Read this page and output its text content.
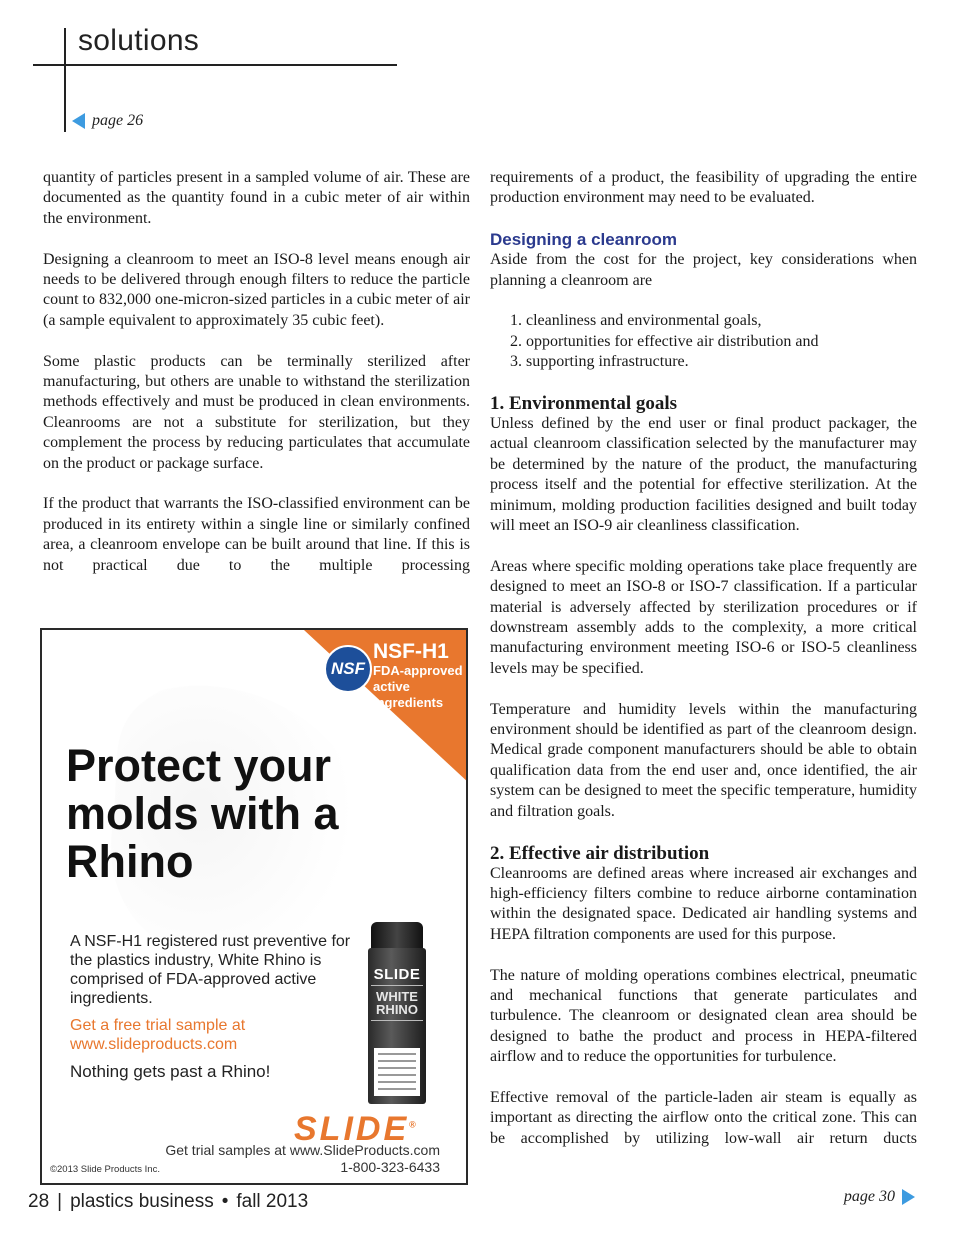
solutions
page 26

quantity of particles present in a sampled volume of air. These are documented as the quantity found in a cubic meter of air within the environment.

Designing a cleanroom to meet an ISO-8 level means enough air needs to be delivered through enough filters to reduce the particle count to 832,000 one-micron-sized particles in a cubic meter of air (a sample equivalent to approximately 35 cubic feet).

Some plastic products can be terminally sterilized after manufacturing, but others are unable to withstand the sterilization methods effectively and must be produced in clean environments. Cleanrooms are not a substitute for sterilization, but they complement the process by reducing particulates that accumulate on the product or package surface.

If the product that warrants the ISO-classified environment can be produced in its entirety within a single line or similarly confined area, a cleanroom envelope can be built around that line. If this is not practical due to the multiple processing

requirements of a product, the feasibility of upgrading the entire production environment may need to be evaluated.

Designing a cleanroom

Aside from the cost for the project, key considerations when planning a cleanroom are

1. cleanliness and environmental goals,
2. opportunities for effective air distribution and
3. supporting infrastructure.
1. Environmental goals

Unless defined by the end user or final product packager, the actual cleanroom classification selected by the manufacturer may be determined by the nature of the product, the manufacturing process itself and the potential for effective sterilization. At the minimum, molding production facilities designed and built today will meet an ISO-9 air cleanliness classification.

Areas where specific molding operations take place frequently are designed to meet an ISO-8 or ISO-7 classification. If a particular material is adversely affected by sterilization procedures or if downstream assembly adds to the complexity, a more critical manufacturing environment meeting ISO-6 or ISO-5 cleanliness levels may be specified.

Temperature and humidity levels within the manufacturing environment should be identified as part of the cleanroom design. Medical grade component manufacturers should be able to obtain qualification data from the end user and, once identified, the air system can be designed to meet the specific temperature, humidity and filtration goals.

2. Effective air distribution

Cleanrooms are defined areas where increased air exchanges and high-efficiency filters combine to reduce airborne contamination within the designated space. Dedicated air handling systems and HEPA filtration components are used for this purpose.

The nature of molding operations combines electrical, pneumatic and mechanical functions that generate particulates and turbulence. The cleanroom or designated clean area should be designed to bathe the product and process in HEPA-filtered airflow and to reduce the opportunities for turbulence.

Effective removal of the particle-laden air steam is equally as important as directing the airflow onto the critical zone. This can be accomplished by utilizing low-wall air return ducts

NSF
NSF-H1
FDA-approved active ingredients
Protect your molds with a Rhino
A NSF-H1 registered rust preventive for the plastics industry, White Rhino is comprised of FDA-approved active ingredients.
Get a free trial sample at www.slideproducts.com
Nothing gets past a Rhino!
SLIDE
WHITE RHINO
SLIDE®
Get trial samples at www.SlideProducts.com
1-800-323-6433
©2013 Slide Products Inc.
28 | plastics business • fall 2013	page 30
